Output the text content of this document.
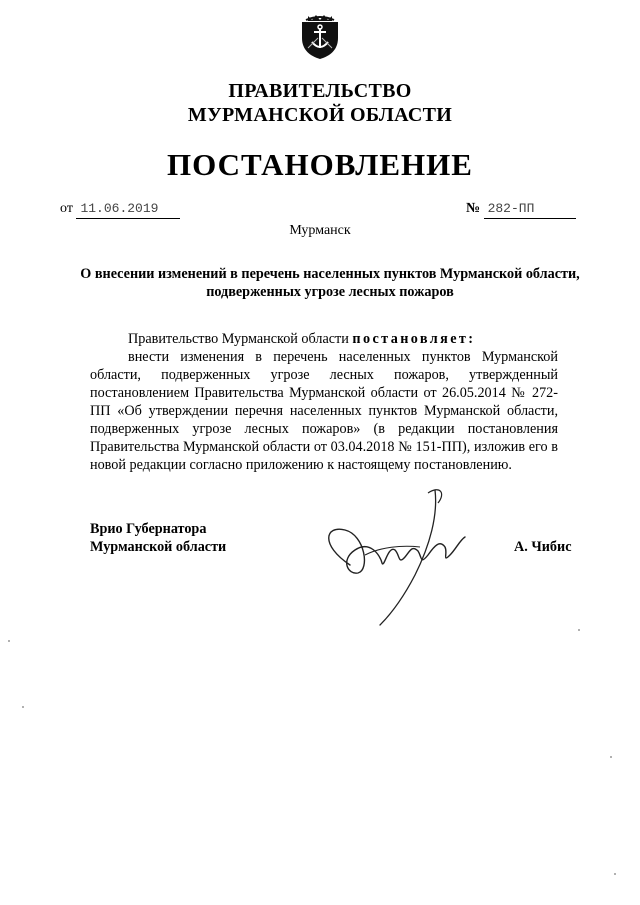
ПРАВИТЕЛЬСТВО
МУРМАНСКОЙ ОБЛАСТИ
ПОСТАНОВЛЕНИЕ
от 11.06.2019	№ 282-ПП
Мурманск
О внесении изменений в перечень населенных пунктов Мурманской области, подверженных угрозе лесных пожаров
Правительство Мурманской области постановляет:
внести изменения в перечень населенных пунктов Мурманской области, подверженных угрозе лесных пожаров, утвержденный постановлением Правительства Мурманской области от 26.05.2014 № 272-ПП «Об утверждении перечня населенных пунктов Мурманской области, подверженных угрозе лесных пожаров» (в редакции постановления Правительства Мурманской области от 03.04.2018 № 151-ПП), изложив его в новой редакции согласно приложению к настоящему постановлению.
Врио Губернатора
Мурманской области	А. Чибис
